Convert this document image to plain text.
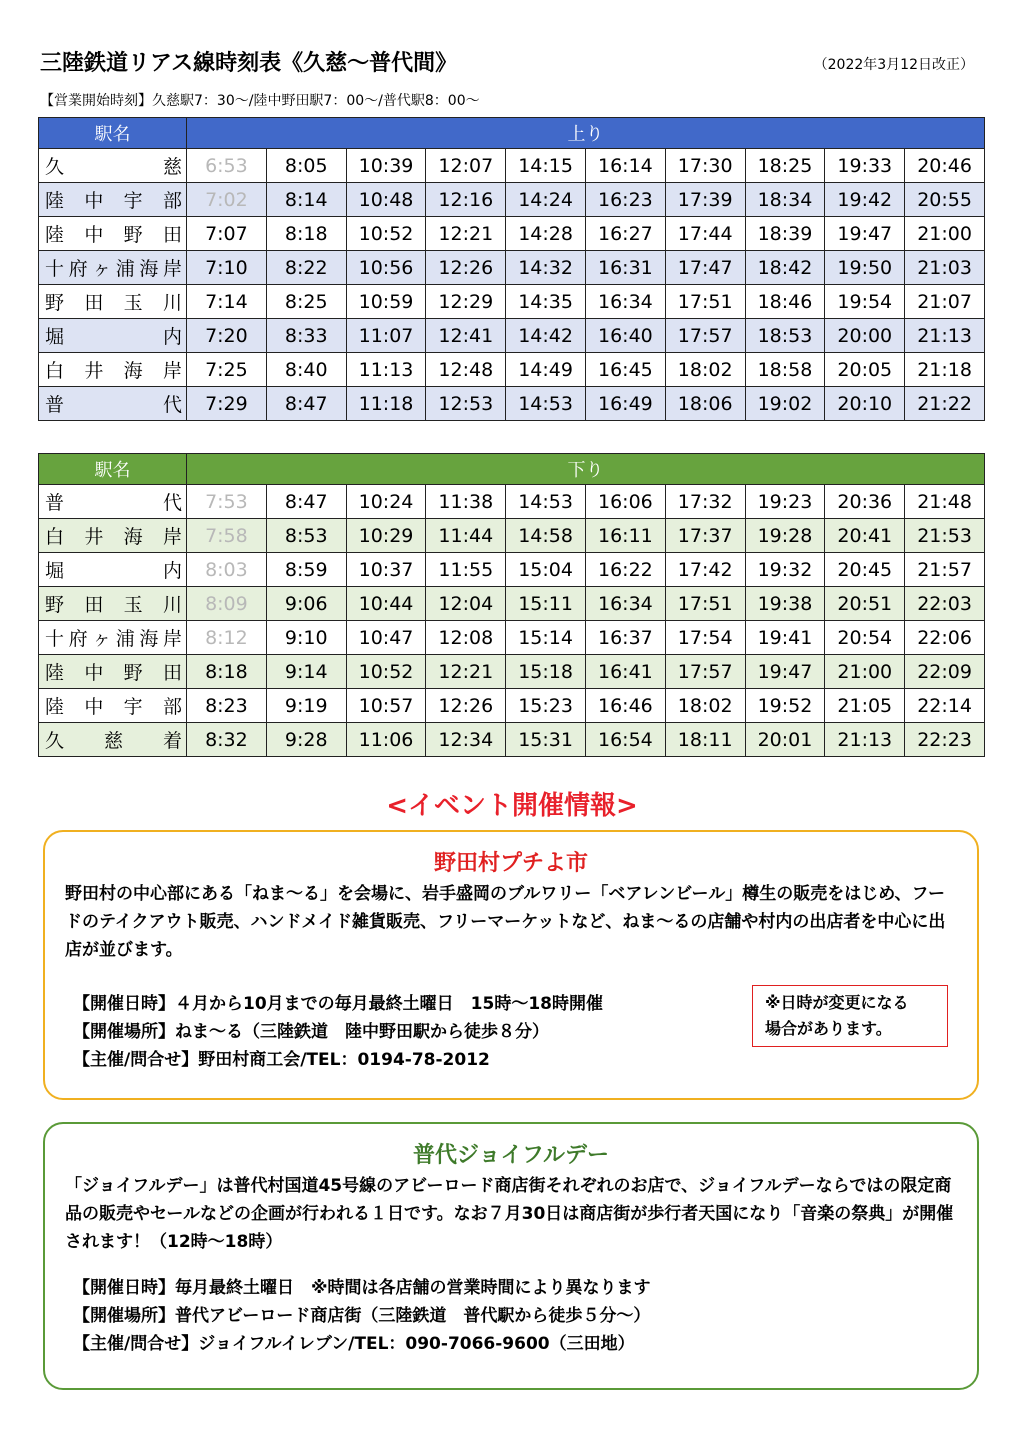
三陸鉄道リアス線時刻表《久慈～普代間》	（2022年3月12日改正）
【営業開始時刻】久慈駅7：30～/陸中野田駅7：00～/普代駅8：00～
駅名	上り									
久慈	6:53	8:05	10:39	12:07	14:15	16:14	17:30	18:25	19:33	20:46
陸中宇部	7:02	8:14	10:48	12:16	14:24	16:23	17:39	18:34	19:42	20:55
陸中野田	7:07	8:18	10:52	12:21	14:28	16:27	17:44	18:39	19:47	21:00
十府ヶ浦海岸	7:10	8:22	10:56	12:26	14:32	16:31	17:47	18:42	19:50	21:03
野田玉川	7:14	8:25	10:59	12:29	14:35	16:34	17:51	18:46	19:54	21:07
堀内	7:20	8:33	11:07	12:41	14:42	16:40	17:57	18:53	20:00	21:13
白井海岸	7:25	8:40	11:13	12:48	14:49	16:45	18:02	18:58	20:05	21:18
普代	7:29	8:47	11:18	12:53	14:53	16:49	18:06	19:02	20:10	21:22
駅名	下り									
普代	7:53	8:47	10:24	11:38	14:53	16:06	17:32	19:23	20:36	21:48
白井海岸	7:58	8:53	10:29	11:44	14:58	16:11	17:37	19:28	20:41	21:53
堀内	8:03	8:59	10:37	11:55	15:04	16:22	17:42	19:32	20:45	21:57
野田玉川	8:09	9:06	10:44	12:04	15:11	16:34	17:51	19:38	20:51	22:03
十府ヶ浦海岸	8:12	9:10	10:47	12:08	15:14	16:37	17:54	19:41	20:54	22:06
陸中野田	8:18	9:14	10:52	12:21	15:18	16:41	17:57	19:47	21:00	22:09
陸中宇部	8:23	9:19	10:57	12:26	15:23	16:46	18:02	19:52	21:05	22:14
久慈着	8:32	9:28	11:06	12:34	15:31	16:54	18:11	20:01	21:13	22:23
<イベント開催情報>
野田村プチよ市
野田村の中心部にある「ねま～る」を会場に、岩手盛岡のブルワリー「ベアレンビール」樽生の販売をはじめ、フードのテイクアウト販売、ハンドメイド雑貨販売、フリーマーケットなど、ねま～るの店舗や村内の出店者を中心に出店が並びます。
【開催日時】４月から10月までの毎月最終土曜日　15時～18時開催
【開催場所】ねま～る（三陸鉄道　陸中野田駅から徒歩８分）
【主催/問合せ】野田村商工会/TEL：0194-78-2012
※日時が変更になる
場合があります。
普代ジョイフルデー
「ジョイフルデー」は普代村国道45号線のアビーロード商店街それぞれのお店で、ジョイフルデーならではの限定商品の販売やセールなどの企画が行われる１日です。なお７月30日は商店街が歩行者天国になり「音楽の祭典」が開催されます！（12時～18時）
【開催日時】毎月最終土曜日　※時間は各店舗の営業時間により異なります
【開催場所】普代アビーロード商店街（三陸鉄道　普代駅から徒歩５分～）
【主催/問合せ】ジョイフルイレブン/TEL：090-7066-9600（三田地）
